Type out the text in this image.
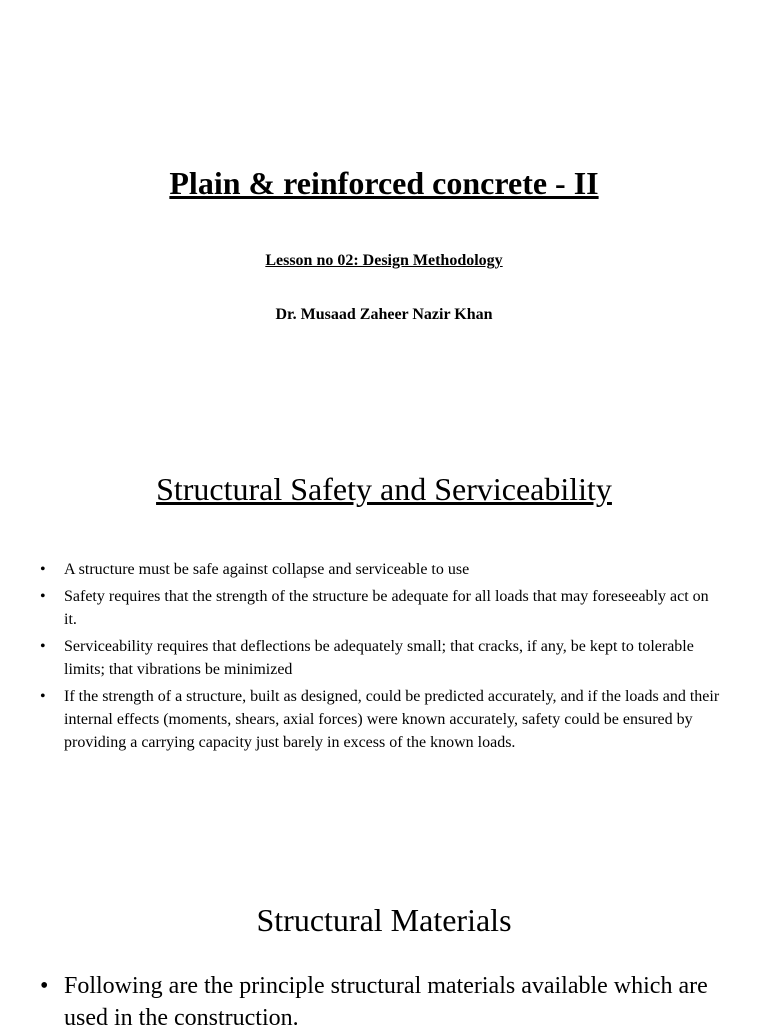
Plain & reinforced concrete - II

Lesson no 02: Design Methodology

Dr. Musaad Zaheer Nazir Khan

Structural Safety and Serviceability
• A structure must be safe against collapse and serviceable to use
• Safety requires that the strength of the structure be adequate for all loads that may foreseeably act on it.
• Serviceability requires that deflections be adequately small; that cracks, if any, be kept to tolerable limits; that vibrations be minimized
• If the strength of a structure, built as designed, could be predicted accurately, and if the loads and their internal effects (moments, shears, axial forces) were known accurately, safety could be ensured by providing a carrying capacity just barely in excess of the known loads.
Structural Materials
• Following are the principle structural materials available which are used in the construction.
